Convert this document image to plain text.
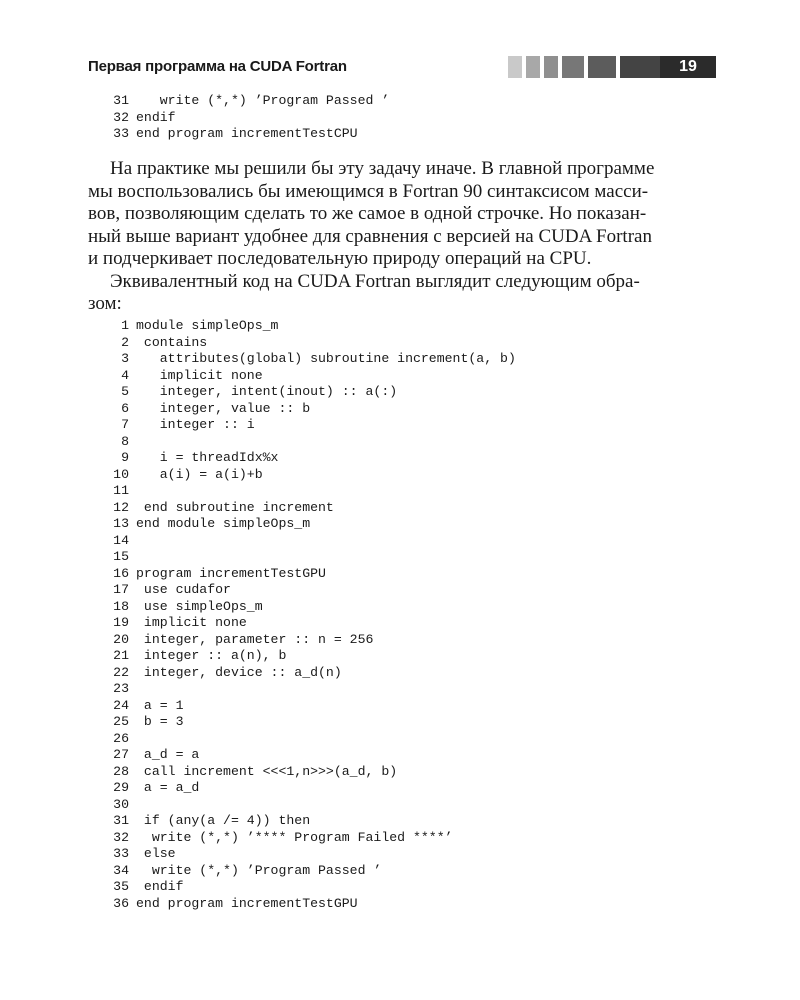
Первая программа на CUDA Fortran	19
31   write (*,*) ’Program Passed ’
32 endif
33 end program incrementTestCPU

На практике мы решили бы эту задачу иначе. В главной программе
мы воспользовались бы имеющимся в Fortran 90 синтаксисом масси-
вов, позволяющим сделать то же самое в одной строчке. Но показан-
ный выше вариант удобнее для сравнения с версией на CUDA Fortran
и подчеркивает последовательную природу операций на CPU.

Эквивалентный код на CUDA Fortran выглядит следующим обра-
зом:

1 module simpleOps_m
2 contains
3   attributes(global) subroutine increment(a, b)
4   implicit none
5   integer, intent(inout) :: a(:)
6   integer, value :: b
7   integer :: i
8
9   i = threadIdx%x
10   a(i) = a(i)+b
11
12 end subroutine increment
13 end module simpleOps_m
14
15
16 program incrementTestGPU
17 use cudafor
18 use simpleOps_m
19 implicit none
20 integer, parameter :: n = 256
21 integer :: a(n), b
22 integer, device :: a_d(n)
23
24 a = 1
25 b = 3
26
27 a_d = a
28 call increment <<<1,n>>>(a_d, b)
29 a = a_d
30
31 if (any(a /= 4)) then
32  write (*,*) ’**** Program Failed ****’
33 else
34  write (*,*) ’Program Passed ’
35 endif
36 end program incrementTestGPU
